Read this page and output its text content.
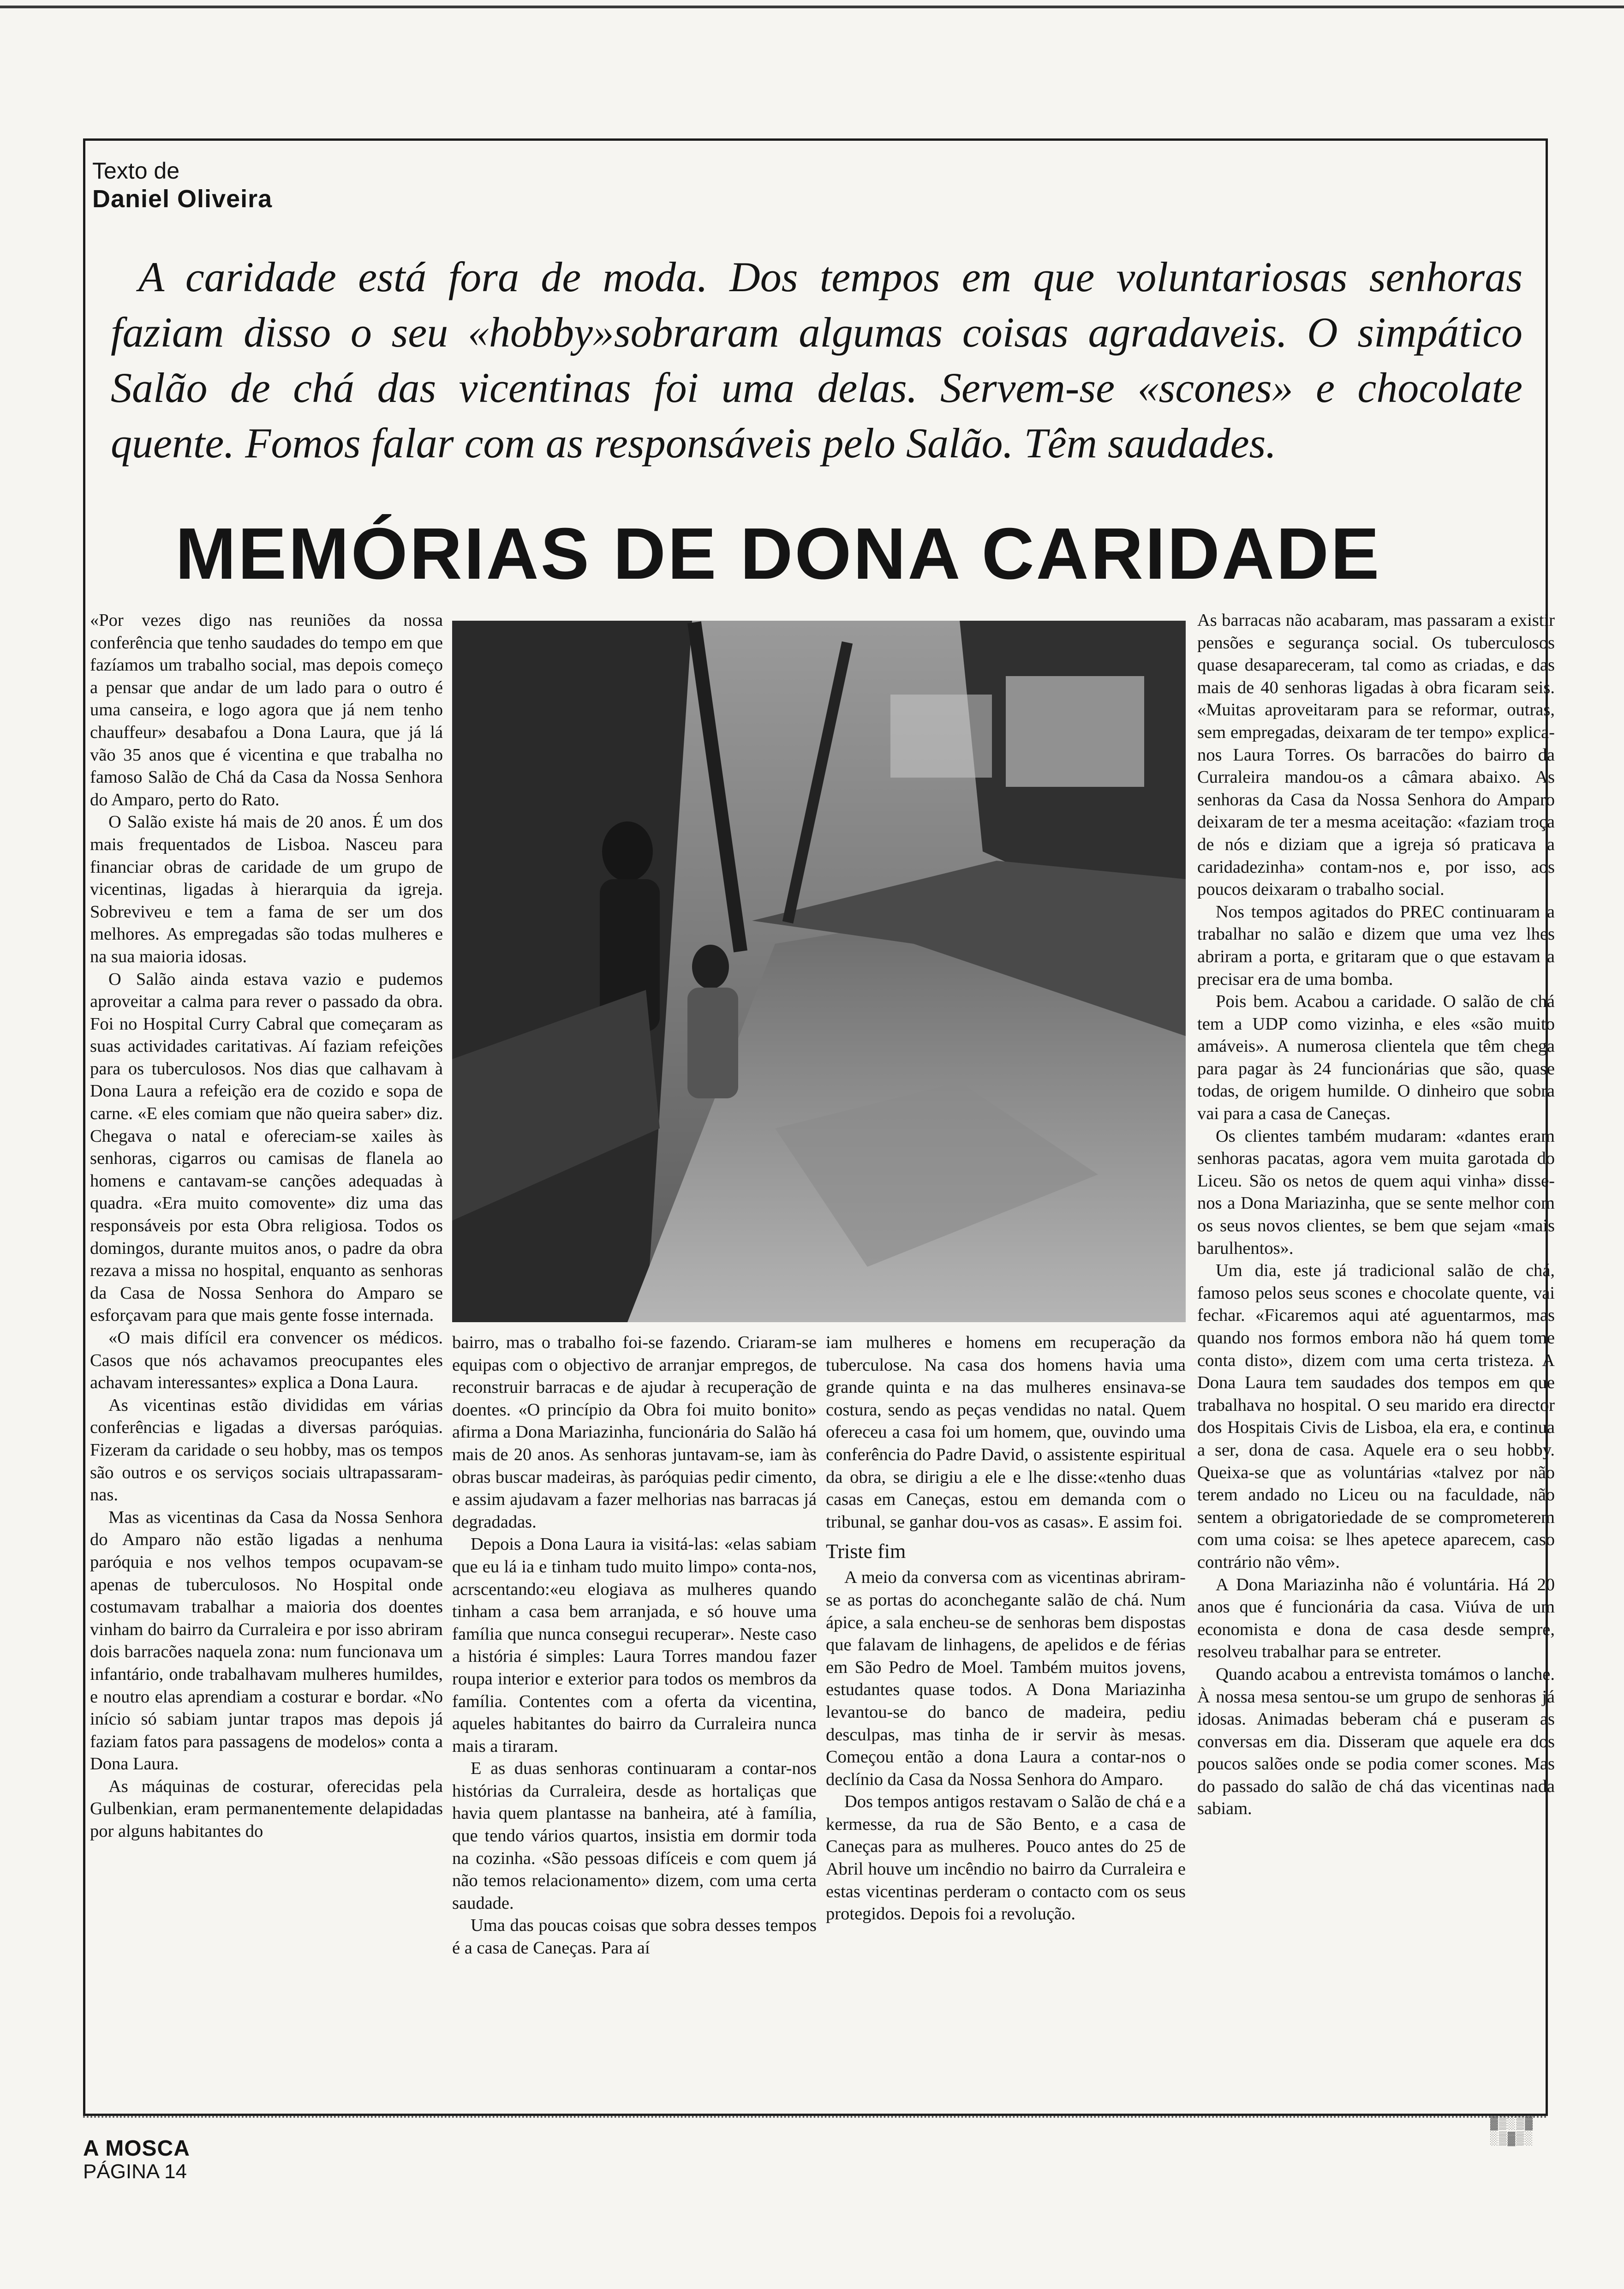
Texto de
Daniel Oliveira
A caridade está fora de moda. Dos tempos em que voluntariosas senhoras faziam disso o seu «hobby»sobraram algumas coisas agradaveis. O simpático Salão de chá das vicentinas foi uma delas. Servem-se «scones» e chocolate quente. Fomos falar com as responsáveis pelo Salão. Têm saudades.
MEMÓRIAS DE DONA CARIDADE

«Por vezes digo nas reuniões da nossa conferência que tenho saudades do tempo em que fazíamos um trabalho social, mas depois começo a pensar que andar de um lado para o outro é uma canseira, e logo agora que já nem tenho chauffeur» desabafou a Dona Laura, que já lá vão 35 anos que é vicentina e que trabalha no famoso Salão de Chá da Casa da Nossa Senhora do Amparo, perto do Rato.

O Salão existe há mais de 20 anos. É um dos mais frequentados de Lisboa. Nasceu para financiar obras de caridade de um grupo de vicentinas, ligadas à hierarquia da igreja. Sobreviveu e tem a fama de ser um dos melhores. As empregadas são todas mulheres e na sua maioria idosas.

O Salão ainda estava vazio e pudemos aproveitar a calma para rever o passado da obra. Foi no Hospital Curry Cabral que começaram as suas actividades caritativas. Aí faziam refeições para os tuberculosos. Nos dias que calhavam à Dona Laura a refeição era de cozido e sopa de carne. «E eles comiam que não queira saber» diz. Chegava o natal e ofereciam-se xailes às senhoras, cigarros ou camisas de flanela ao homens e cantavam-se canções adequadas à quadra. «Era muito comovente» diz uma das responsáveis por esta Obra religiosa. Todos os domingos, durante muitos anos, o padre da obra rezava a missa no hospital, enquanto as senhoras da Casa de Nossa Senhora do Amparo se esforçavam para que mais gente fosse internada.

«O mais difícil era convencer os médicos. Casos que nós achavamos preocupantes eles achavam interessantes» explica a Dona Laura.

As vicentinas estão divididas em várias conferências e ligadas a diversas paróquias. Fizeram da caridade o seu hobby, mas os tempos são outros e os serviços sociais ultrapassaram-nas.

Mas as vicentinas da Casa da Nossa Senhora do Amparo não estão ligadas a nenhuma paróquia e nos velhos tempos ocupavam-se apenas de tuberculosos. No Hospital onde costumavam trabalhar a maioria dos doentes vinham do bairro da Curraleira e por isso abriram dois barracões naquela zona: num funcionava um infantário, onde trabalhavam mulheres humildes, e noutro elas aprendiam a costurar e bordar. «No início só sabiam juntar trapos mas depois já faziam fatos para passagens de modelos» conta a Dona Laura.

As máquinas de costurar, oferecidas pela Gulbenkian, eram permanentemente delapidadas por alguns habitantes do

bairro, mas o trabalho foi-se fazendo. Criaram-se equipas com o objectivo de arranjar empregos, de reconstruir barracas e de ajudar à recuperação de doentes. «O princípio da Obra foi muito bonito» afirma a Dona Mariazinha, funcionária do Salão há mais de 20 anos. As senhoras juntavam-se, iam às obras buscar madeiras, às paróquias pedir cimento, e assim ajudavam a fazer melhorias nas barracas já degradadas.

Depois a Dona Laura ia visitá-las: «elas sabiam que eu lá ia e tinham tudo muito limpo» conta-nos, acrscentando:«eu elogiava as mulheres quando tinham a casa bem arranjada, e só houve uma família que nunca consegui recuperar». Neste caso a história é simples: Laura Torres mandou fazer roupa interior e exterior para todos os membros da família. Contentes com a oferta da vicentina, aqueles habitantes do bairro da Curraleira nunca mais a tiraram.

E as duas senhoras continuaram a contar-nos histórias da Curraleira, desde as hortaliças que havia quem plantasse na banheira, até à família, que tendo vários quartos, insistia em dormir toda na cozinha. «São pessoas difíceis e com quem já não temos relacionamento» dizem, com uma certa saudade.

Uma das poucas coisas que sobra desses tempos é a casa de Caneças. Para aí

iam mulheres e homens em recuperação da tuberculose. Na casa dos homens havia uma grande quinta e na das mulheres ensinava-se costura, sendo as peças vendidas no natal. Quem ofereceu a casa foi um homem, que, ouvindo uma conferência do Padre David, o assistente espiritual da obra, se dirigiu a ele e lhe disse:«tenho duas casas em Caneças, estou em demanda com o tribunal, se ganhar dou-vos as casas». E assim foi.

Triste fim

A meio da conversa com as vicentinas abriram-se as portas do aconchegante salão de chá. Num ápice, a sala encheu-se de senhoras bem dispostas que falavam de linhagens, de apelidos e de férias em São Pedro de Moel. Também muitos jovens, estudantes quase todos. A Dona Mariazinha levantou-se do banco de madeira, pediu desculpas, mas tinha de ir servir às mesas. Começou então a dona Laura a contar-nos o declínio da Casa da Nossa Senhora do Amparo.

Dos tempos antigos restavam o Salão de chá e a kermesse, da rua de São Bento, e a casa de Caneças para as mulheres. Pouco antes do 25 de Abril houve um incêndio no bairro da Curraleira e estas vicentinas perderam o contacto com os seus protegidos. Depois foi a revolução.

As barracas não acabaram, mas passaram a existir pensões e segurança social. Os tuberculosos quase desapareceram, tal como as criadas, e das mais de 40 senhoras ligadas à obra ficaram seis. «Muitas aproveitaram para se reformar, outras, sem empregadas, deixaram de ter tempo» explica-nos Laura Torres. Os barracões do bairro da Curraleira mandou-os a câmara abaixo. As senhoras da Casa da Nossa Senhora do Amparo deixaram de ter a mesma aceitação: «faziam troça de nós e diziam que a igreja só praticava a caridadezinha» contam-nos e, por isso, aos poucos deixaram o trabalho social.

Nos tempos agitados do PREC continuaram a trabalhar no salão e dizem que uma vez lhes abriram a porta, e gritaram que o que estavam a precisar era de uma bomba.

Pois bem. Acabou a caridade. O salão de chá tem a UDP como vizinha, e eles «são muito amáveis». A numerosa clientela que têm chega para pagar às 24 funcionárias que são, quase todas, de origem humilde. O dinheiro que sobra vai para a casa de Caneças.

Os clientes também mudaram: «dantes eram senhoras pacatas, agora vem muita garotada do Liceu. São os netos de quem aqui vinha» disse-nos a Dona Mariazinha, que se sente melhor com os seus novos clientes, se bem que sejam «mais barulhentos».

Um dia, este já tradicional salão de chá, famoso pelos seus scones e chocolate quente, vai fechar. «Ficaremos aqui até aguentarmos, mas quando nos formos embora não há quem tome conta disto», dizem com uma certa tristeza. A Dona Laura tem saudades dos tempos em que trabalhava no hospital. O seu marido era director dos Hospitais Civis de Lisboa, ela era, e continua a ser, dona de casa. Aquele era o seu hobby. Queixa-se que as voluntárias «talvez por não terem andado no Liceu ou na faculdade, não sentem a obrigatoriedade de se comprometerem com uma coisa: se lhes apetece aparecem, caso contrário não vêm».

A Dona Mariazinha não é voluntária. Há 20 anos que é funcionária da casa. Viúva de um economista e dona de casa desde sempre, resolveu trabalhar para se entreter.

Quando acabou a entrevista tomámos o lanche. À nossa mesa sentou-se um grupo de senhoras já idosas. Animadas beberam chá e puseram as conversas em dia. Disseram que aquele era dos poucos salões onde se podia comer scones. Mas do passado do salão de chá das vicentinas nada sabiam.

A MOSCA
PÁGINA 14
▓▒░▒▓
░▒▓▒░
